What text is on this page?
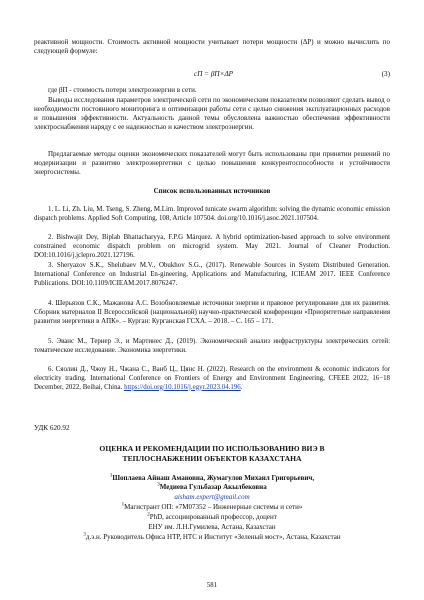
реактивной мощности. Стоимость активной мощности учитывает потери мощности (ΔP) и можно вычислить по следующей формуле:

cП = βП×ΔP	(3)

где βП - стоимость потери электроэнергии в сети.

Выводы исследования параметров электрической сети по экономическим показателям позволяют сделать вывод о необходимости постоянного мониторинга и оптимизации работы сети с целью снижения эксплуатационных расходов и повышения эффективности. Актуальность данной темы обусловлена важностью обеспечения эффективности электроснабжения наряду с ее надежностью и качеством электроэнергии.

Предлагаемые методы оценки экономических показателей могут быть использованы при принятии решений по модернизации и развитию электроэнергетики с целью повышения конкурентоспособности и устойчивости энергосистемы.

Список использованных источников

1. L. Li, Zh. Liu, M. Tseng, S. Zheng, M.Lim. Improved tunicate swarm algorithm: solving the dynamic economic emission dispatch problems. Applied Soft Computing, 108, Article 107504. doi.org/10.1016/j.asoc.2021.107504.

2. Bishwajit Dey, Biplab Bhattacharyya, F.P.G Márquez. A hybrid optimization-based approach to solve environment constrained economic dispatch problem on microgrid system. May 2021. Journal of Cleaner Production. DOI:10.1016/j.jclepro.2021.127196.

3. Sheryazov S.K., Shelubaev M.V., Obukhov S.G., (2017). Renewable Sources in System Distributed Generation. International Conference on Industrial En-gineering, Applications and Manufacturing, ICIEAM 2017. IEEE Conference Publications. DOI:10.1109/ICIEAM.2017.8076247.

4. Шерьязов С.К., Мажанова А.С. Возобновляемые источники энергии и правовое регулирование для их развития. Сборник материалов II Всероссийской (национальной) научно-практической конференции «Приоритетные направления развития энергетики в АПК». – Курган: Курганская ГСХА. – 2018. – С. 165 – 171.

5. Эванс М., Тернер Э., и Мартинес Д., (2019). Экономический анализ инфраструктуры электрических сетей: тематическое исследование. Экономика энергетики.

6. Сяолин Д., Чжоу Н., Чжана С., Ванб Ц., Цянс Н. (2022). Research on the environment & economic indicators for electricity trading. International Conference on Frontiers of Energy and Environment Engineering, CFEEE 2022, 16−18 December, 2022, Beihai, China. https://doi.org/10.1016/j.egyr.2023.04.196.
УДК 620.92
ОЦЕНКА И РЕКОМЕНДАЦИИ ПО ИСПОЛЬЗОВАНИЮ ВИЭ В
ТЕПЛОСНАБЖЕНИИ ОБЪЕКТОВ КАЗАХСТАНА
$^1$Шоплаева Айнаш Амановна, Жумагулов Михаил Григорьевич,
$^3$Медиева Гульбазар Акылбековна
aisham.expert@gmail.com
$^1$Магистрант ОП: «7М07352 – Инженерные системы и сети»
$^2$PhD, ассоциированный профессор, доцент
ЕНУ им. Л.Н.Гумилева, Астана, Казахстан
$^3$д.э.н. Руководитель Офиса НТР, НТС и Институт «Зеленый мост», Астана, Казахстан
581
